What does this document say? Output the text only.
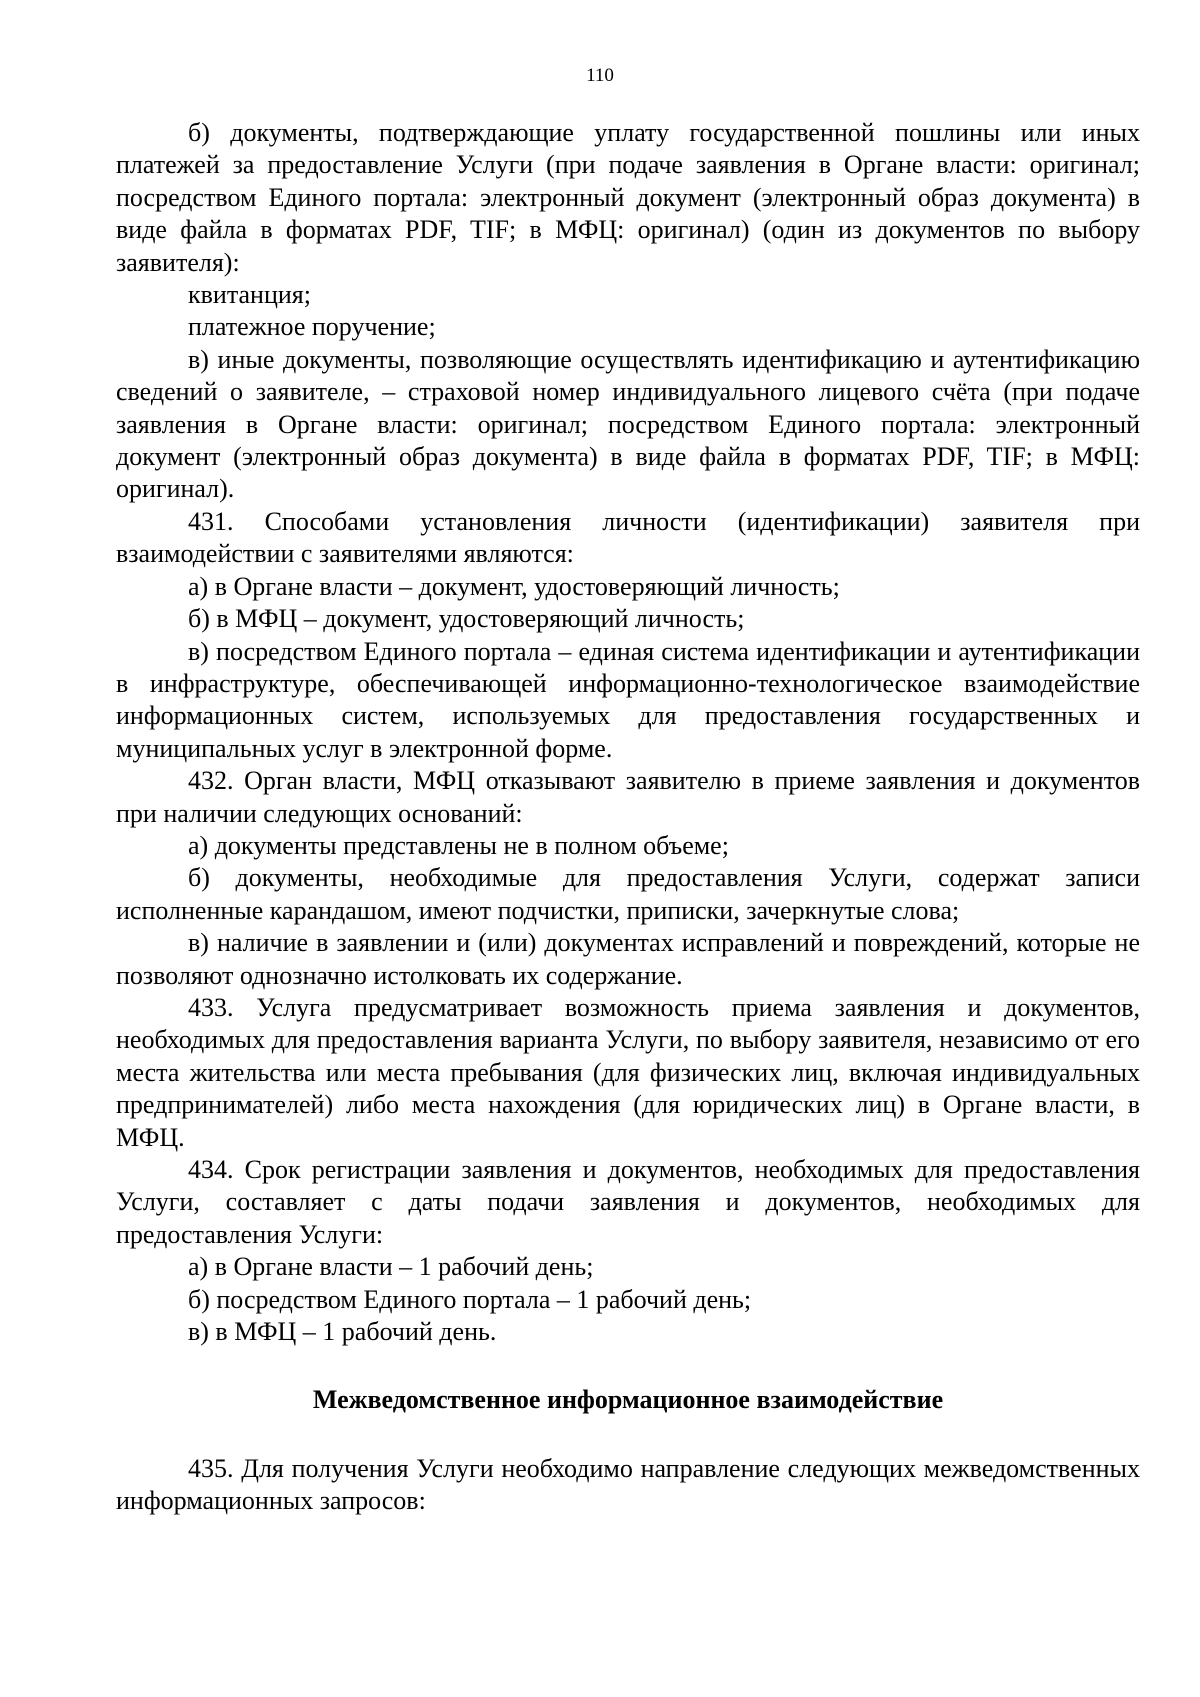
110

б) документы, подтверждающие уплату государственной пошлины или иных платежей за предоставление Услуги (при подаче заявления в Органе власти: оригинал; посредством Единого портала: электронный документ (электронный образ документа) в виде файла в форматах PDF, TIF; в МФЦ: оригинал) (один из документов по выбору заявителя):

квитанция;

платежное поручение;

в) иные документы, позволяющие осуществлять идентификацию и аутентификацию сведений о заявителе, – страховой номер индивидуального лицевого счёта (при подаче заявления в Органе власти: оригинал; посредством Единого портала: электронный документ (электронный образ документа) в виде файла в форматах PDF, TIF; в МФЦ: оригинал).

431. Способами установления личности (идентификации) заявителя при взаимодействии с заявителями являются:

а) в Органе власти – документ, удостоверяющий личность;

б) в МФЦ – документ, удостоверяющий личность;

в) посредством Единого портала – единая система идентификации и аутентификации в инфраструктуре, обеспечивающей информационно-технологическое взаимодействие информационных систем, используемых для предоставления государственных и муниципальных услуг в электронной форме.

432. Орган власти, МФЦ отказывают заявителю в приеме заявления и документов при наличии следующих оснований:

а) документы представлены не в полном объеме;

б) документы, необходимые для предоставления Услуги, содержат записи исполненные карандашом, имеют подчистки, приписки, зачеркнутые слова;

в) наличие в заявлении и (или) документах исправлений и повреждений, которые не позволяют однозначно истолковать их содержание.

433. Услуга предусматривает возможность приема заявления и документов, необходимых для предоставления варианта Услуги, по выбору заявителя, независимо от его места жительства или места пребывания (для физических лиц, включая индивидуальных предпринимателей) либо места нахождения (для юридических лиц) в Органе власти, в МФЦ.

434. Срок регистрации заявления и документов, необходимых для предоставления Услуги, составляет с даты подачи заявления и документов, необходимых для предоставления Услуги:

а) в Органе власти – 1 рабочий день;

б) посредством Единого портала – 1 рабочий день;

в) в МФЦ – 1 рабочий день.

Межведомственное информационное взаимодействие

435. Для получения Услуги необходимо направление следующих межведомственных информационных запросов:
